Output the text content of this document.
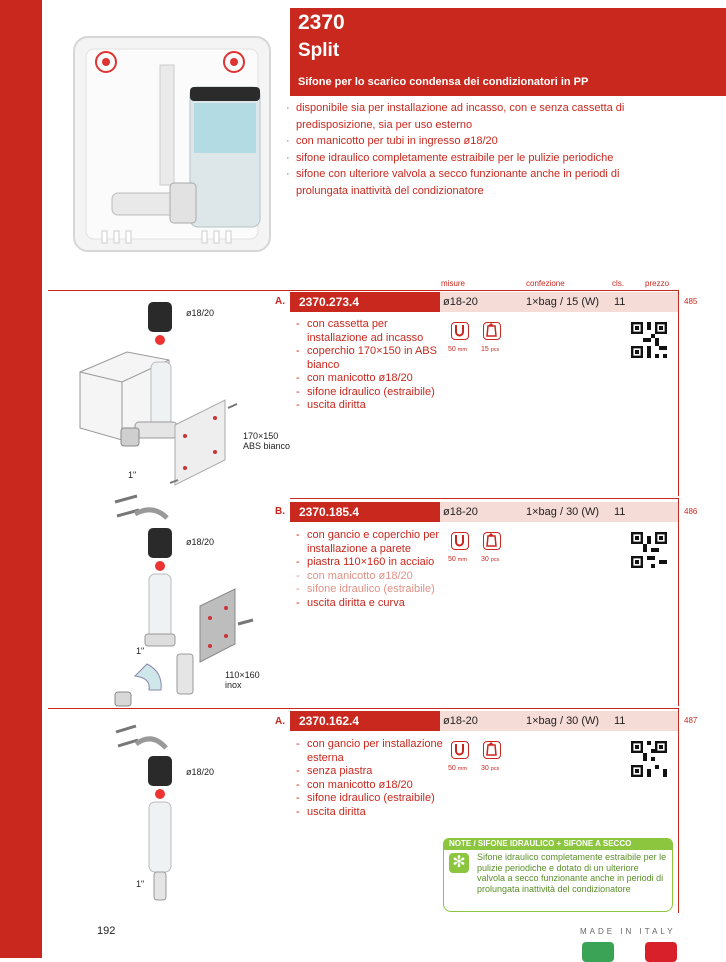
2370
Split
Sifone per lo scarico condensa dei condizionatori in PP
· disponibile sia per installazione ad incasso, con e senza cassetta di predisposizione, sia per uso esterno
· con manicotto per tubi in ingresso ø18/20
· sifone idraulico completamente estraibile per le pulizie periodiche
· sifone con ulteriore valvola a secco funzionante anche in periodi di prolungata inattività del condizionatore
misure	confezione	cls.	prezzo
A.	2370.273.4	ø18-20	1×bag / 15 (W) 11	485
- con cassetta per installazione ad incasso
- coperchio 170×150 in ABS bianco
- con manicotto ø18/20
- sifone idraulico (estraibile)
- uscita diritta
50 mm 15 pcs
ø18/20
170×150
ABS bianco
1"
B.	2370.185.4	ø18-20	1×bag / 30 (W) 11	486
- con gancio e coperchio per installazione a parete
- piastra 110×160 in acciaio
- con manicotto ø18/20
- sifone idraulico (estraibile)
- uscita diritta e curva
50 mm 30 pcs
ø18/20
110×160
inox
1"
A.	2370.162.4	ø18-20	1×bag / 30 (W) 11	487
- con gancio per installazione esterna
- senza piastra
- con manicotto ø18/20
- sifone idraulico (estraibile)
- uscita diritta
50 mm 30 pcs
ø18/20
1"
NOTE / SIFONE IDRAULICO + SIFONE A SECCO
✻	Sifone idraulico completamente estraibile per le pulizie periodiche e dotato di un ulteriore valvola a secco funzionante anche in periodi di prolungata inattività del condizionatore
192	MADE IN ITALY
